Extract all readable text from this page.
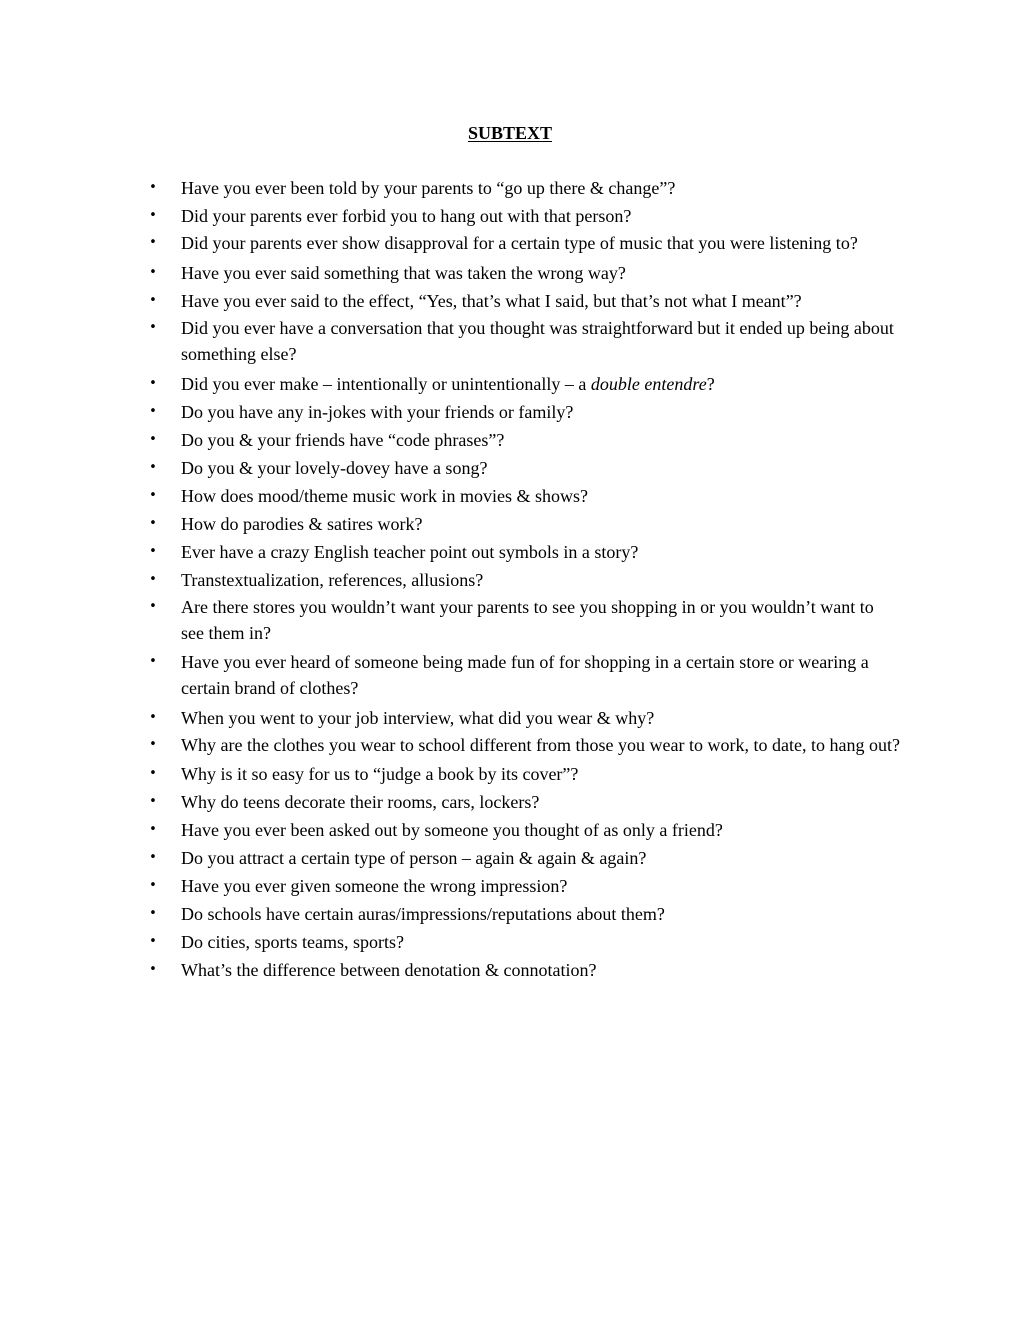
SUBTEXT
• Have you ever been told by your parents to “go up there & change”?
• Did your parents ever forbid you to hang out with that person?
• Did your parents ever show disapproval for a certain type of music that you were listening to?
• Have you ever said something that was taken the wrong way?
• Have you ever said to the effect, “Yes, that’s what I said, but that’s not what I meant”?
• Did you ever have a conversation that you thought was straightforward but it ended up being about something else?
• Did you ever make – intentionally or unintentionally – a double entendre?
• Do you have any in-jokes with your friends or family?
• Do you & your friends have “code phrases”?
• Do you & your lovely-dovey have a song?
• How does mood/theme music work in movies & shows?
• How do parodies & satires work?
• Ever have a crazy English teacher point out symbols in a story?
• Transtextualization, references, allusions?
• Are there stores you wouldn’t want your parents to see you shopping in or you wouldn’t want to see them in?
• Have you ever heard of someone being made fun of for shopping in a certain store or wearing a certain brand of clothes?
• When you went to your job interview, what did you wear & why?
• Why are the clothes you wear to school different from those you wear to work, to date, to hang out?
• Why is it so easy for us to “judge a book by its cover”?
• Why do teens decorate their rooms, cars, lockers?
• Have you ever been asked out by someone you thought of as only a friend?
• Do you attract a certain type of person – again & again & again?
• Have you ever given someone the wrong impression?
• Do schools have certain auras/impressions/reputations about them?
• Do cities, sports teams, sports?
• What’s the difference between denotation & connotation?
